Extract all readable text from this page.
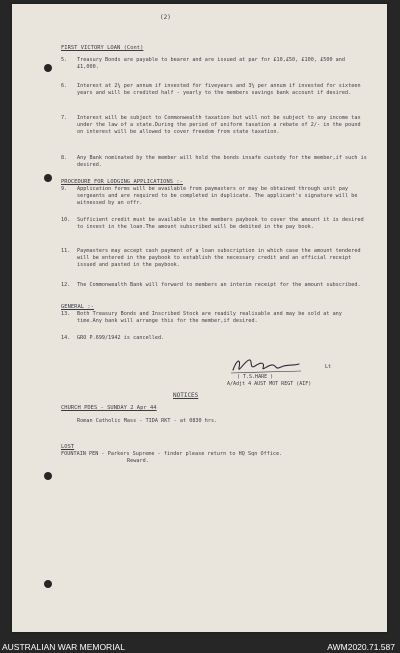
(2)
FIRST VICTORY LOAN (Cont)
5. Treasury Bonds are payable to bearer and are issued at par for £10,£50, £100, £500 and £1,000.
6. Interest at 2¼ per annum if invested for fiveyears and 3¼ per annum if invested for sixteen years and will be credited half - yearly to the members savings bank account if desired.
7. Interest will be subject to Commonwealth taxation but will not be subject to any income tax under the law of a state.During the period of uniform taxation a rebate of 2/- in the pound on interest will be allowed to cover freedom from state taxation.
8. Any Bank nominated by the member will hold the bonds insafe custody for the member,if such is desired.
PROCEDURE FOR LODGING APPLICATIONS :-
9. Application forms will be available from paymasters or may be obtained through unit pay sergeants and are required to be completed in duplicate. The applicant's signature will be witnessed by an offr.
10. Sufficient credit must be available in the members paybook to cover the amount it is desired to invest in the loan.The amount subscribed will be debited in the pay book.
11. Paymasters may accept cash payment of a loan subscription in which case the amount tendered will be entered in the paybook to establish the necessary credit and an official receipt issued and pasted in the paybook.
12. The Commonwealth Bank will forward to members an interim receipt for the amount subscribed.
GENERAL :-
13. Both Treasury Bonds and Inscribed Stock are readily realisable and may be sold at any time.Any bank will arrange this for the member,if desired.
14. GRO P.699/1942 is cancelled.
Lt
( T.S.HARE )
A/Adjt 4 AUST MOT REGT (AIF)
NOTICES
CHURCH PDES - SUNDAY 2 Apr 44
Roman Catholic Mass - TIDA RKT - at 0830 hrs.
LOST
FOUNTAIN PEN - Parkers Supreme - finder please return to HQ Sqn Office.
Reward.
AUSTRALIAN WAR MEMORIAL	AWM2020.71.587
